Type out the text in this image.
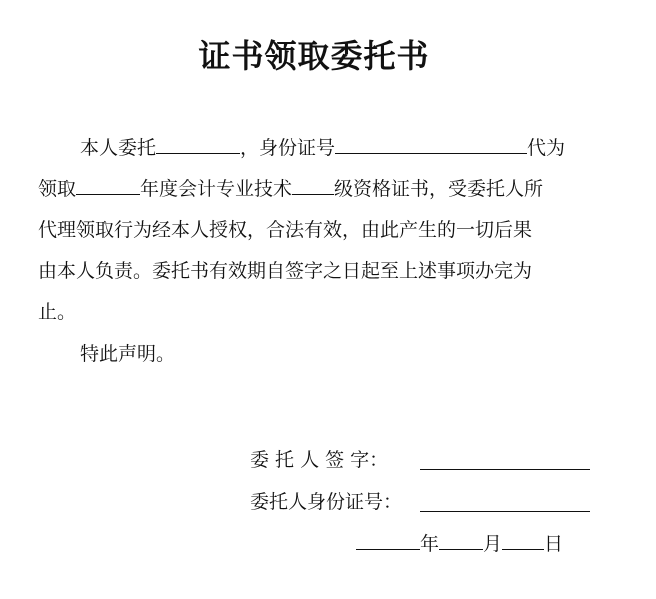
证书领取委托书
本人委托	，身份证号	代为
领取	年度会计专业技术 级资格证书，受委托人所
代理领取行为经本人授权，合法有效，由此产生的一切后果
由本人负责。委托书有效期自签字之日起至上述事项办完为
止。
特此声明。
委 托 人 签 字：
委托人身份证号：
年 月 日
